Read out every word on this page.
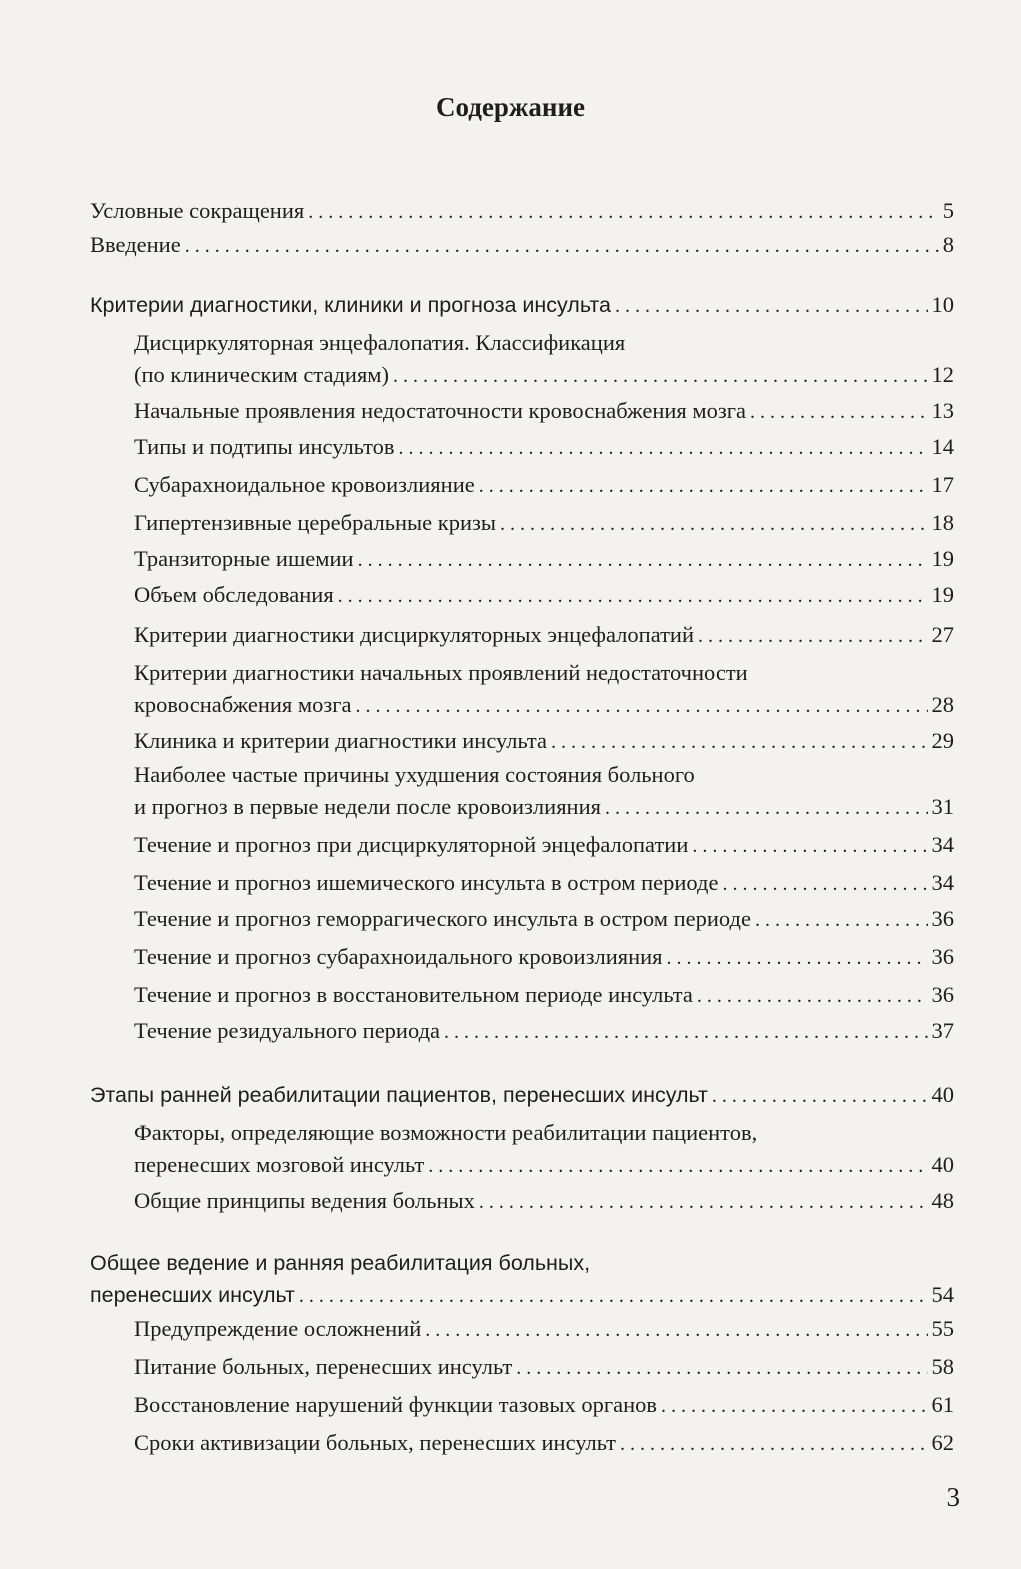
Содержание
Условные сокращения . . .	5
Введение . . .	8
Критерии диагностики, клиники и прогноза инсульта . . .	10
Дисциркуляторная энцефалопатия. Классификация
(по клиническим стадиям) . . .	12
Начальные проявления недостаточности кровоснабжения мозга . . .	13
Типы и подтипы инсультов . . .	14
Субарахноидальное кровоизлияние . . .	17
Гипертензивные церебральные кризы . . .	18
Транзиторные ишемии . . .	19
Объем обследования . . .	19
Критерии диагностики дисциркуляторных энцефалопатий . . .	27
Критерии диагностики начальных проявлений недостаточности
кровоснабжения мозга . . .	28
Клиника и критерии диагностики инсульта . . .	29
Наиболее частые причины ухудшения состояния больного
и прогноз в первые недели после кровоизлияния . . .	31
Течение и прогноз при дисциркуляторной энцефалопатии . . .	34
Течение и прогноз ишемического инсульта в остром периоде . . .	34
Течение и прогноз геморрагического инсульта в остром периоде . . .	36
Течение и прогноз субарахноидального кровоизлияния . . .	36
Течение и прогноз в восстановительном периоде инсульта . . .	36
Течение резидуального периода . . .	37
Этапы ранней реабилитации пациентов, перенесших инсульт . . .	40
Факторы, определяющие возможности реабилитации пациентов,
перенесших мозговой инсульт . . .	40
Общие принципы ведения больных . . .	48
Общее ведение и ранняя реабилитация больных,
перенесших инсульт . . .	54
Предупреждение осложнений . . .	55
Питание больных, перенесших инсульт . . .	58
Восстановление нарушений функции тазовых органов . . .	61
Сроки активизации больных, перенесших инсульт . . .	62
3
